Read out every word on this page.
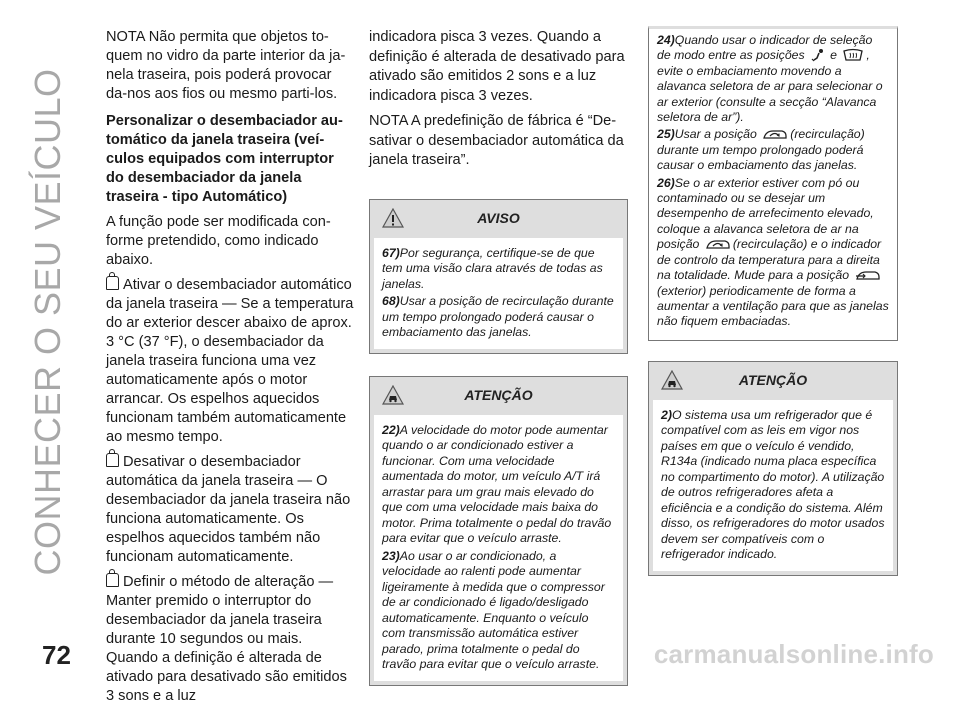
CONHECER O SEU VEÍCULO
72	carmanualsonline.info

NOTA Não permita que objetos to-quem no vidro da parte interior da ja-nela traseira, pois poderá provocar da-nos aos fios ou mesmo parti-los.

Personalizar o desembaciador au-tomático da janela traseira (veí-culos equipados com interruptor do desembaciador da janela traseira - tipo Automático)

A função pode ser modificada con-forme pretendido, como indicado abaixo.

Ativar o desembaciador automático da janela traseira — Se a temperatura do ar exterior descer abaixo de aprox. 3 °C (37 °F), o desembaciador da janela traseira funciona uma vez automaticamente após o motor arrancar. Os espelhos aquecidos funcionam também automaticamente ao mesmo tempo.

Desativar o desembaciador automática da janela traseira — O desembaciador da janela traseira não funciona automaticamente. Os espelhos aquecidos também não funcionam automaticamente.

Definir o método de alteração — Manter premido o interruptor do desembaciador da janela traseira durante 10 segundos ou mais. Quando a definição é alterada de ativado para desativado são emitidos 3 sons e a luz

indicadora pisca 3 vezes. Quando a definição é alterada de desativado para ativado são emitidos 2 sons e a luz indicadora pisca 3 vezes.

NOTA A predefinição de fábrica é “De-sativar o desembaciador automática da janela traseira”.

AVISO

67)Por segurança, certifique-se de que tem uma visão clara através de todas as janelas.

68)Usar a posição de recirculação durante um tempo prolongado poderá causar o embaciamento das janelas.

ATENÇÃO

22)A velocidade do motor pode aumentar quando o ar condicionado estiver a funcionar. Com uma velocidade aumentada do motor, um veículo A/T irá arrastar para um grau mais elevado do que com uma velocidade mais baixa do motor. Prima totalmente o pedal do travão para evitar que o veículo arraste.

23)Ao usar o ar condicionado, a velocidade ao ralenti pode aumentar ligeiramente à medida que o compressor de ar condicionado é ligado/desligado automaticamente. Enquanto o veículo com transmissão automática estiver parado, prima totalmente o pedal do travão para evitar que o veículo arraste.

24)Quando usar o indicador de seleção de modo entre as posições e , evite o embaciamento movendo a alavanca seletora de ar para selecionar o ar exterior (consulte a secção “Alavanca seletora de ar”).

25)Usar a posição	(recirculação) durante um tempo prolongado poderá causar o embaciamento das janelas.

26)Se o ar exterior estiver com pó ou contaminado ou se desejar um desempenho de arrefecimento elevado, coloque a alavanca seletora de ar na posição	(recirculação) e o indicador de controlo da temperatura para a direita na totalidade. Mude para a posição (exterior) periodicamente de forma a aumentar a ventilação para que as janelas não fiquem embaciadas.

ATENÇÃO

2)O sistema usa um refrigerador que é compatível com as leis em vigor nos países em que o veículo é vendido, R134a (indicado numa placa específica no compartimento do motor). A utilização de outros refrigeradores afeta a eficiência e a condição do sistema. Além disso, os refrigeradores do motor usados devem ser compatíveis com o refrigerador indicado.
